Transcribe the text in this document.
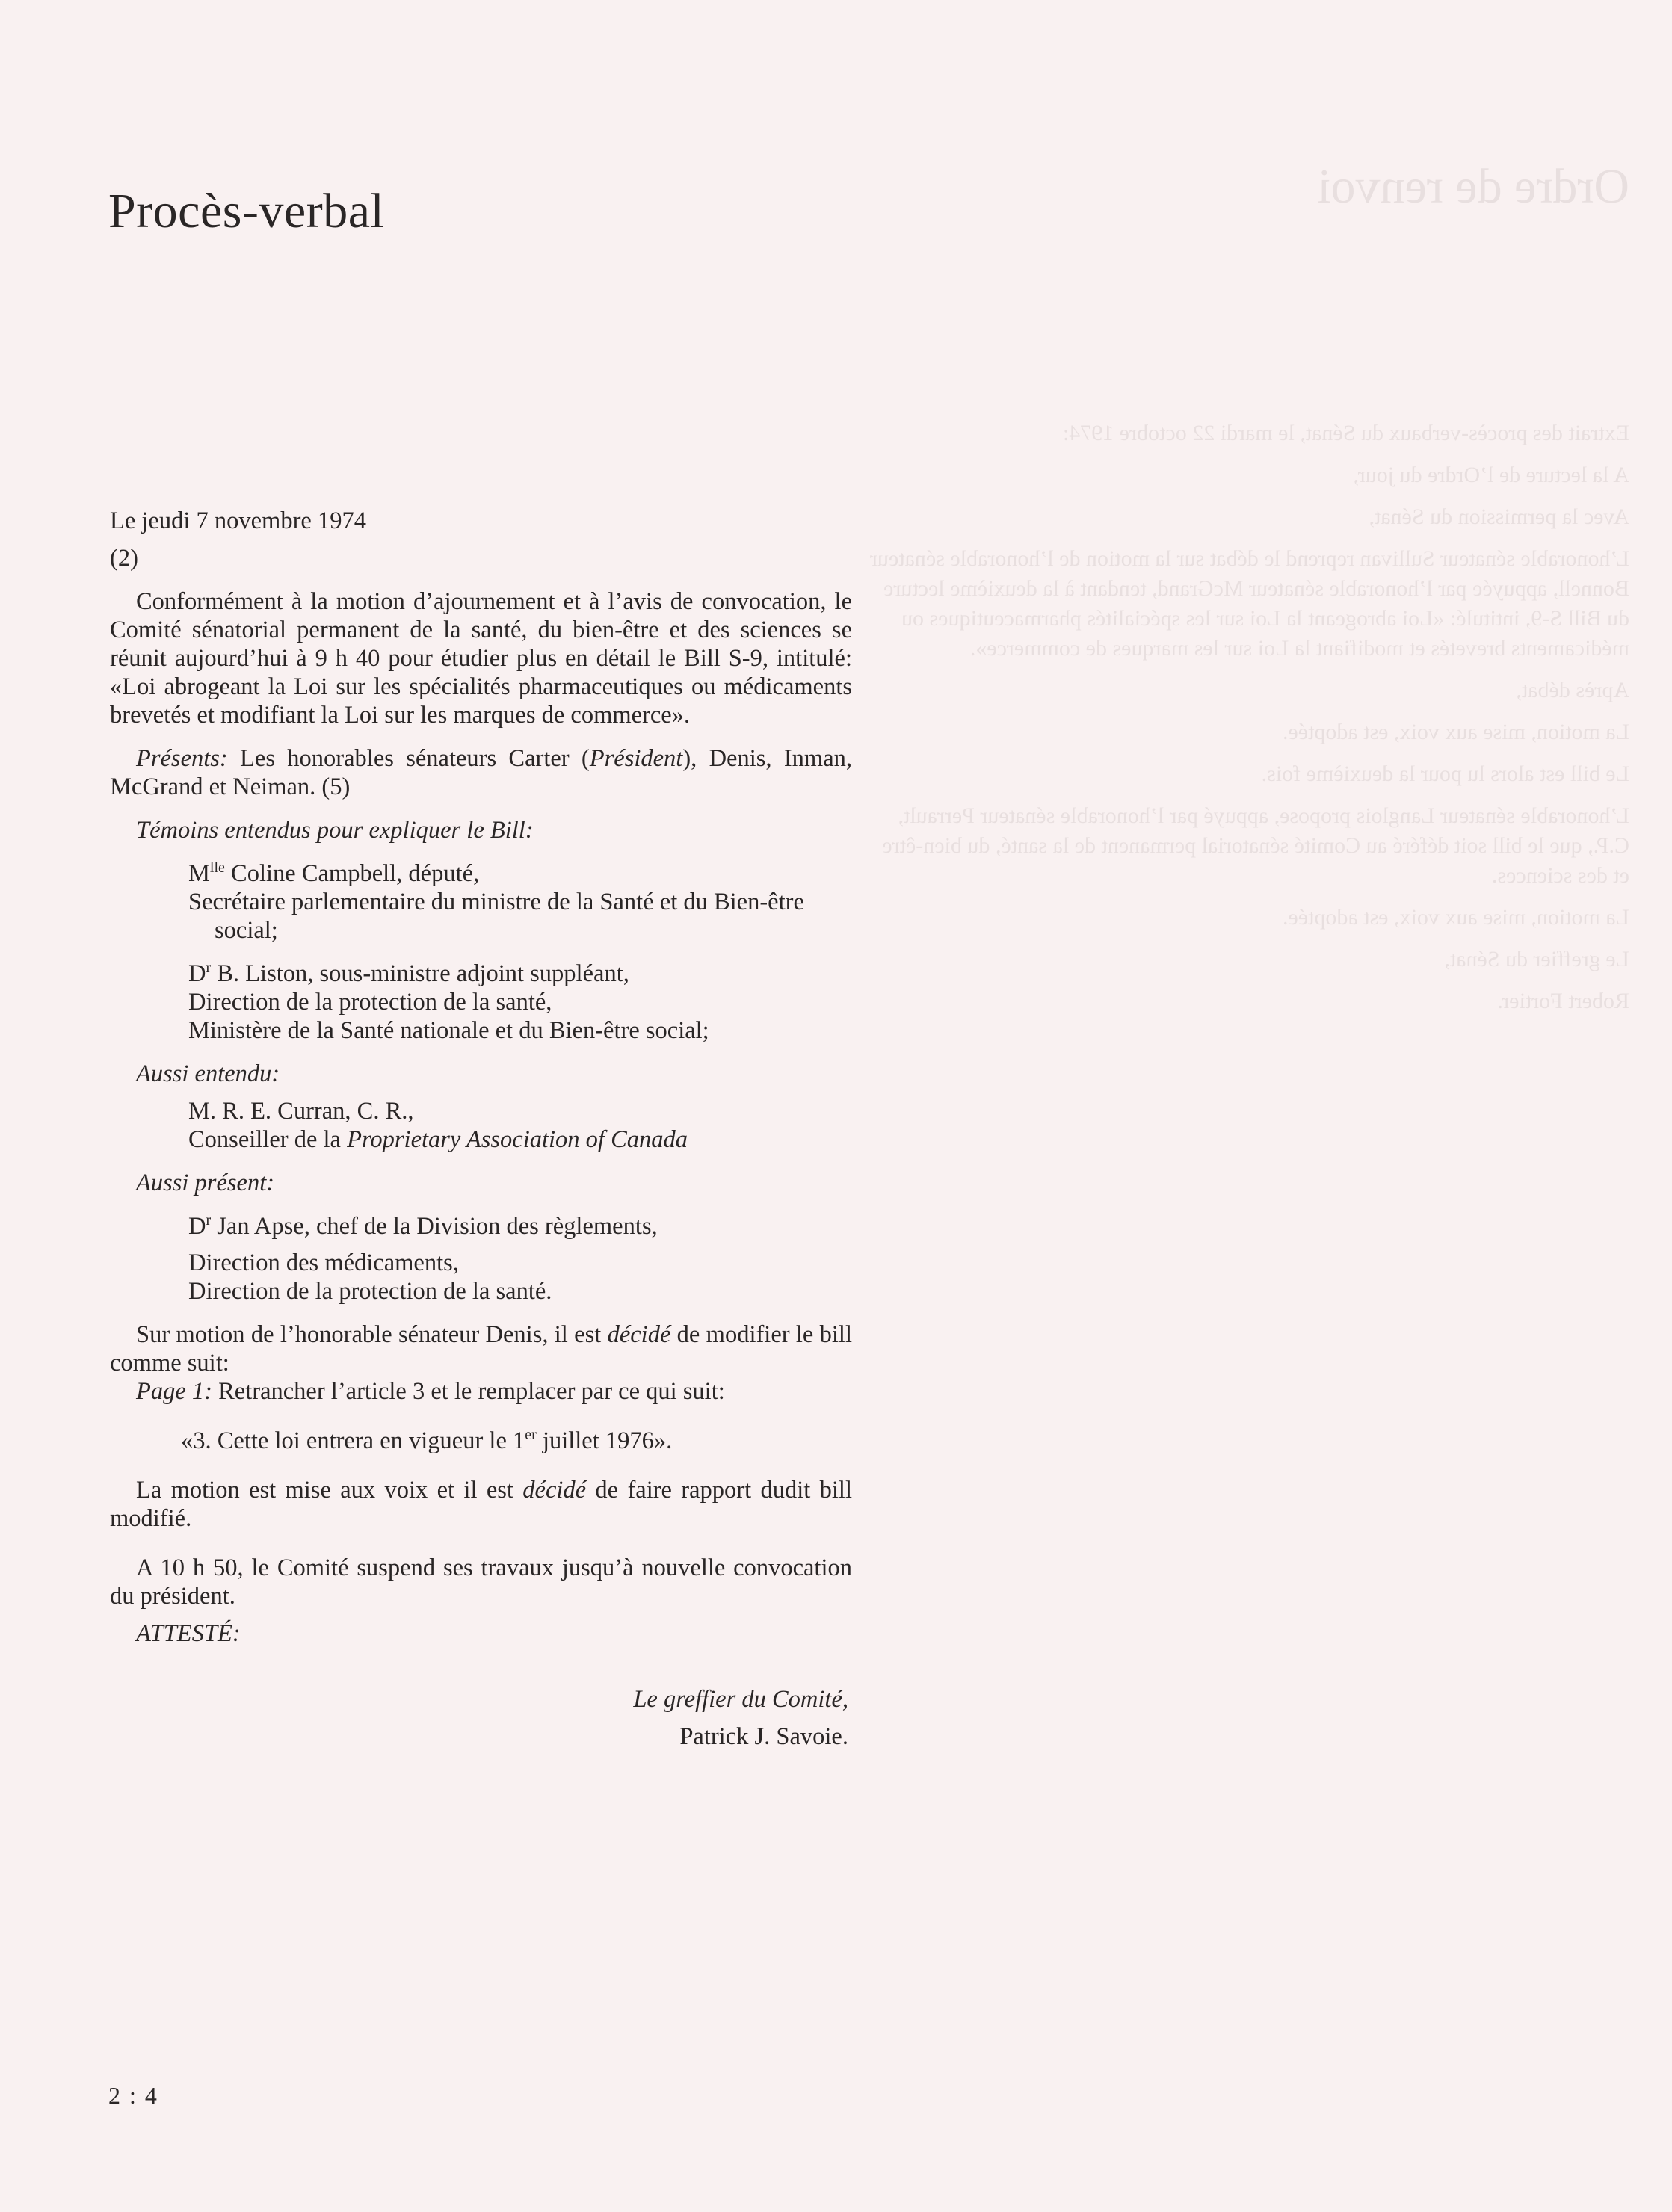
Ordre de renvoi

Extrait des procès-verbaux du Sénat, le mardi 22 octobre 1974:

A la lecture de l’Ordre du jour,

Avec la permission du Sénat,

L’honorable sénateur Sullivan reprend le débat sur la motion de l’honorable sénateur Bonnell, appuyée par l’honorable sénateur McGrand, tendant à la deuxième lecture du Bill S-9, intitulé: «Loi abrogeant la Loi sur les spécialités pharmaceutiques ou médicaments brevetés et modifiant la Loi sur les marques de commerce».

Après débat,

La motion, mise aux voix, est adoptée.

Le bill est alors lu pour la deuxième fois.

L’honorable sénateur Langlois propose, appuyé par l’honorable sénateur Perrault, C.P., que le bill soit déféré au Comité sénatorial permanent de la santé, du bien-être et des sciences.

La motion, mise aux voix, est adoptée.

Le greffier du Sénat,

Robert Fortier.

Procès-verbal

Le jeudi 7 novembre 1974

(2)

Conformément à la motion d’ajournement et à l’avis de convocation, le Comité sénatorial permanent de la santé, du bien-être et des sciences se réunit aujourd’hui à 9 h 40 pour étudier plus en détail le Bill S-9, intitulé: «Loi abrogeant la Loi sur les spécialités pharmaceutiques ou médicaments brevetés et modifiant la Loi sur les marques de commerce».

Présents: Les honorables sénateurs Carter (Président), Denis, Inman, McGrand et Neiman. (5)

Témoins entendus pour expliquer le Bill:

$M^{lle}$ Coline Campbell, député,

Secrétaire parlementaire du ministre de la Santé et du Bien-être social;

$D^r$ B. Liston, sous-ministre adjoint suppléant,

Direction de la protection de la santé,

Ministère de la Santé nationale et du Bien-être social;

Aussi entendu:

M. R. E. Curran, C. R.,

Conseiller de la Proprietary Association of Canada

Aussi présent:

$D^r$ Jan Apse, chef de la Division des règlements,

Direction des médicaments,

Direction de la protection de la santé.

Sur motion de l’honorable sénateur Denis, il est décidé de modifier le bill comme suit:

Page 1: Retrancher l’article 3 et le remplacer par ce qui suit:

«3. Cette loi entrera en vigueur le 1er juillet 1976».

La motion est mise aux voix et il est décidé de faire rapport dudit bill modifié.

A 10 h 50, le Comité suspend ses travaux jusqu’à nouvelle convocation du président.

ATTESTÉ:

Le greffier du Comité,

Patrick J. Savoie.

2 : 4
